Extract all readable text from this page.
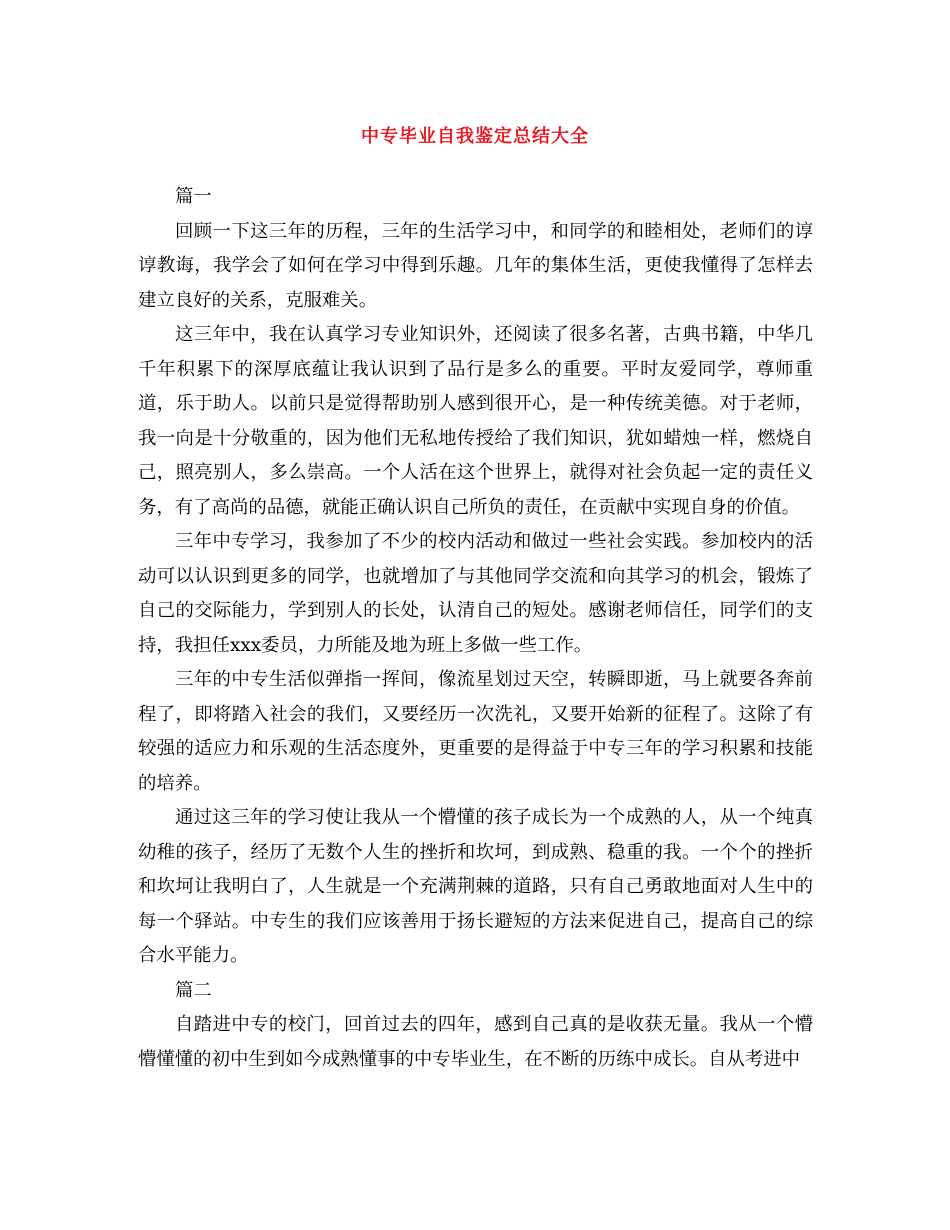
中专毕业自我鉴定总结大全

篇一

回顾一下这三年的历程，三年的生活学习中，和同学的和睦相处，老师们的谆谆教诲，我学会了如何在学习中得到乐趣。几年的集体生活，更使我懂得了怎样去建立良好的关系，克服难关。

这三年中，我在认真学习专业知识外，还阅读了很多名著，古典书籍，中华几千年积累下的深厚底蕴让我认识到了品行是多么的重要。平时友爱同学，尊师重道，乐于助人。以前只是觉得帮助别人感到很开心，是一种传统美德。对于老师，我一向是十分敬重的，因为他们无私地传授给了我们知识，犹如蜡烛一样，燃烧自己，照亮别人，多么崇高。一个人活在这个世界上，就得对社会负起一定的责任义务，有了高尚的品德，就能正确认识自己所负的责任，在贡献中实现自身的价值。

三年中专学习，我参加了不少的校内活动和做过一些社会实践。参加校内的活动可以认识到更多的同学，也就增加了与其他同学交流和向其学习的机会，锻炼了自己的交际能力，学到别人的长处，认清自己的短处。感谢老师信任，同学们的支持，我担任xxx委员，力所能及地为班上多做一些工作。

三年的中专生活似弹指一挥间，像流星划过天空，转瞬即逝，马上就要各奔前程了，即将踏入社会的我们，又要经历一次洗礼，又要开始新的征程了。这除了有较强的适应力和乐观的生活态度外，更重要的是得益于中专三年的学习积累和技能的培养。

通过这三年的学习使让我从一个懵懂的孩子成长为一个成熟的人，从一个纯真幼稚的孩子，经历了无数个人生的挫折和坎坷，到成熟、稳重的我。一个个的挫折和坎坷让我明白了，人生就是一个充满荆棘的道路，只有自己勇敢地面对人生中的每一个驿站。中专生的我们应该善用于扬长避短的方法来促进自己，提高自己的综合水平能力。

篇二

自踏进中专的校门，回首过去的四年，感到自己真的是收获无量。我从一个懵懵懂懂的初中生到如今成熟懂事的中专毕业生，在不断的历练中成长。自从考进中
